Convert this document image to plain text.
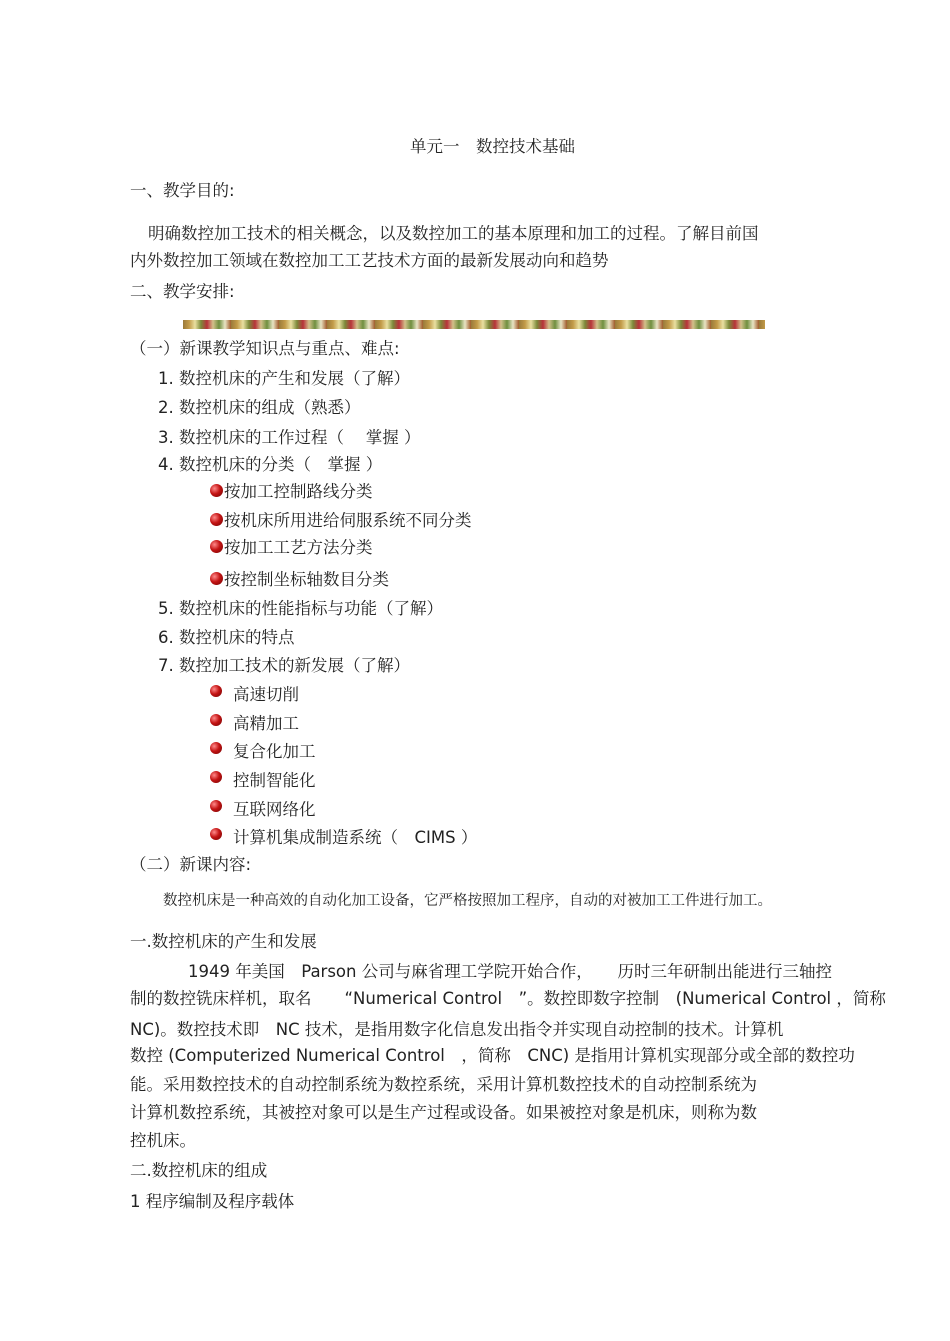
单元一　数控技术基础
一、教学目的:
明确数控加工技术的相关概念，以及数控加工的基本原理和加工的过程。了解目前国
内外数控加工领域在数控加工工艺技术方面的最新发展动向和趋势
二、教学安排:
（一）新课教学知识点与重点、难点:
1. 数控机床的产生和发展（了解）
2. 数控机床的组成（熟悉）
3. 数控机床的工作过程（　 掌握 ）
4. 数控机床的分类（　掌握 ）
按加工控制路线分类
按机床所用进给伺服系统不同分类
按加工工艺方法分类
按控制坐标轴数目分类
5. 数控机床的性能指标与功能（了解）
6. 数控机床的特点
7. 数控加工技术的新发展（了解）
高速切削
高精加工
复合化加工
控制智能化
互联网络化
计算机集成制造系统（　CIMS ）
（二）新课内容:
数控机床是一种高效的自动化加工设备，它严格按照加工程序，自动的对被加工工件进行加工。
一.数控机床的产生和发展
1949 年美国　Parson 公司与麻省理工学院开始合作，　　历时三年研制出能进行三轴控
制的数控铣床样机，取名　　“Numerical Control　”。数控即数字控制　(Numerical Control ，简称
NC)。数控技术即　NC 技术，是指用数字化信息发出指令并实现自动控制的技术。计算机
数控 (Computerized Numerical Control　，简称　CNC) 是指用计算机实现部分或全部的数控功
能。采用数控技术的自动控制系统为数控系统，采用计算机数控技术的自动控制系统为
计算机数控系统，其被控对象可以是生产过程或设备。如果被控对象是机床，则称为数
控机床。
二.数控机床的组成
1 程序编制及程序载体
